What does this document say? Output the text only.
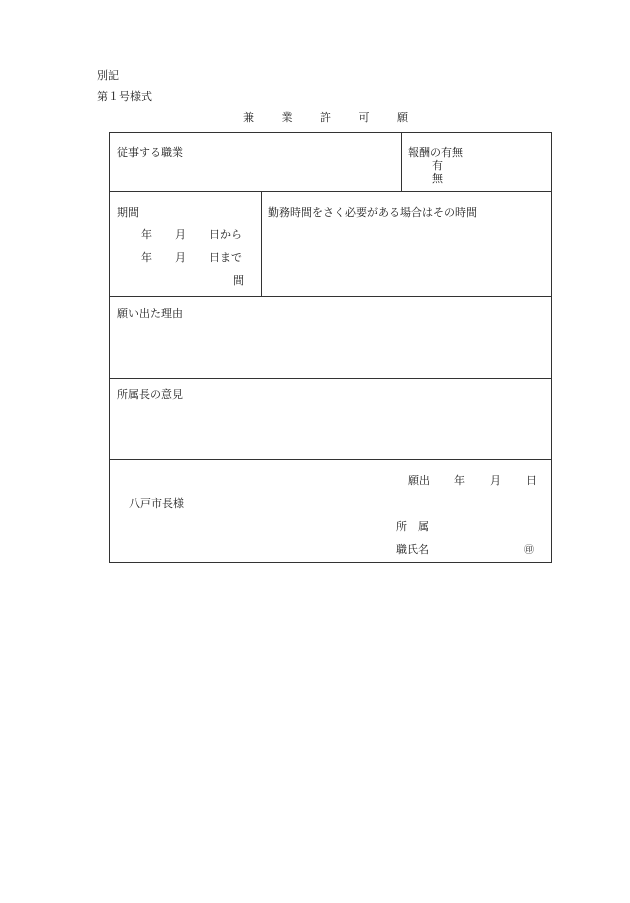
別記
第１号様式
兼	業	許	可	願
従事する職業	報酬の有無
有
無
期間
年 月 日から
年 月 日まで
間
勤務時間をさく必要がある場合はその時間
願い出た理由
所属長の意見
願出 年 月 日
八戸市長様
所　属
職氏名	㊞
